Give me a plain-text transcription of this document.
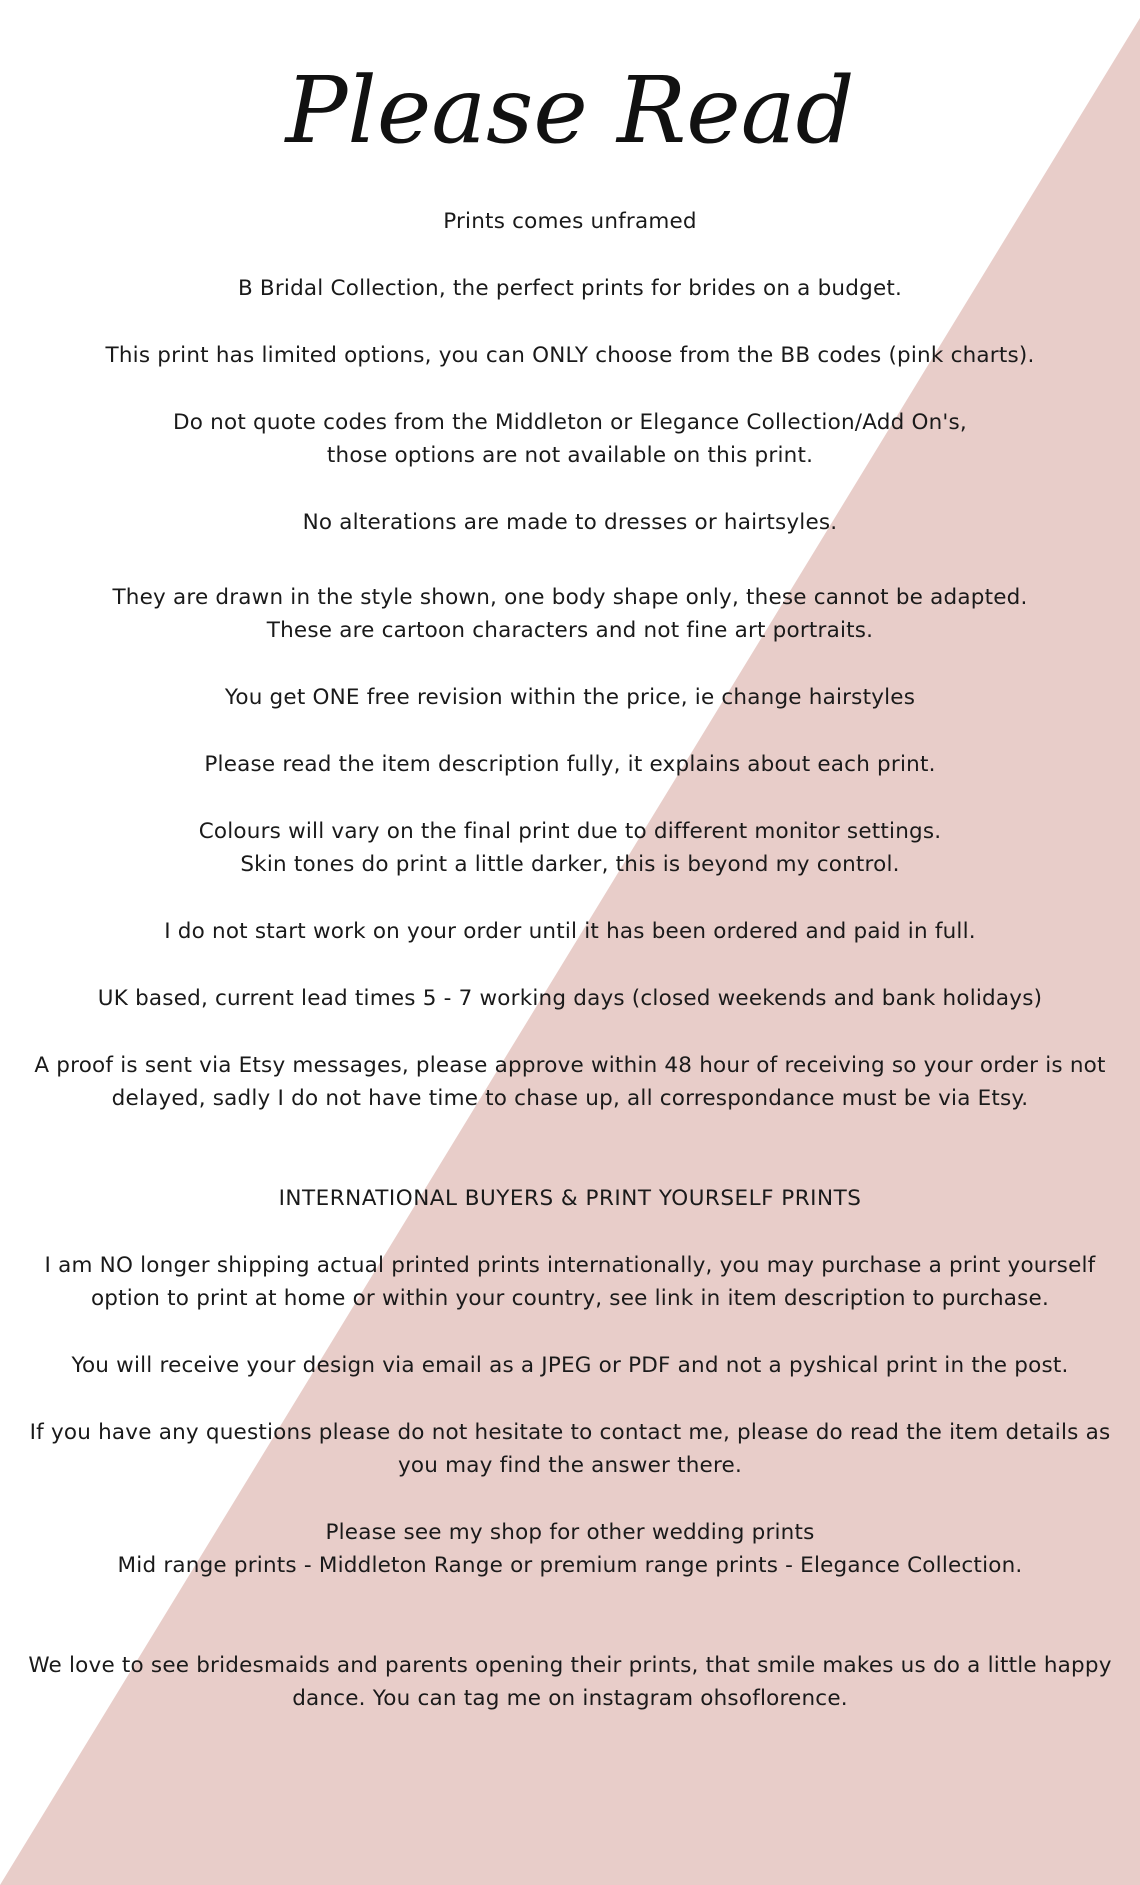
Please Read

Prints comes unframed

B Bridal Collection, the perfect prints for brides on a budget.

This print has limited options, you can ONLY choose from the BB codes (pink charts).

Do not quote codes from the Middleton or Elegance Collection/Add On's,

those options are not available on this print.

No alterations are made to dresses or hairtsyles.

They are drawn in the style shown, one body shape only, these cannot be adapted.

These are cartoon characters and not fine art portraits.

You get ONE free revision within the price, ie change hairstyles

Please read the item description fully, it explains about each print.

Colours will vary on the final print due to different monitor settings.

Skin tones do print a little darker, this is beyond my control.

I do not start work on your order until it has been ordered and paid in full.

UK based, current lead times 5 - 7 working days (closed weekends and bank holidays)

A proof is sent via Etsy messages, please approve within 48 hour of receiving so your order is not

delayed, sadly I do not have time to chase up, all correspondance must be via Etsy.

INTERNATIONAL BUYERS & PRINT YOURSELF PRINTS

I am NO longer shipping actual printed prints internationally, you may purchase a print yourself

option to print at home or within your country, see link in item description to purchase.

You will receive your design via email as a JPEG or PDF and not a pyshical print in the post.

If you have any questions please do not hesitate to contact me, please do read the item details as

you may find the answer there.

Please see my shop for other wedding prints

Mid range prints - Middleton Range or premium range prints - Elegance Collection.

We love to see bridesmaids and parents opening their prints, that smile makes us do a little happy

dance. You can tag me on instagram ohsoflorence.
